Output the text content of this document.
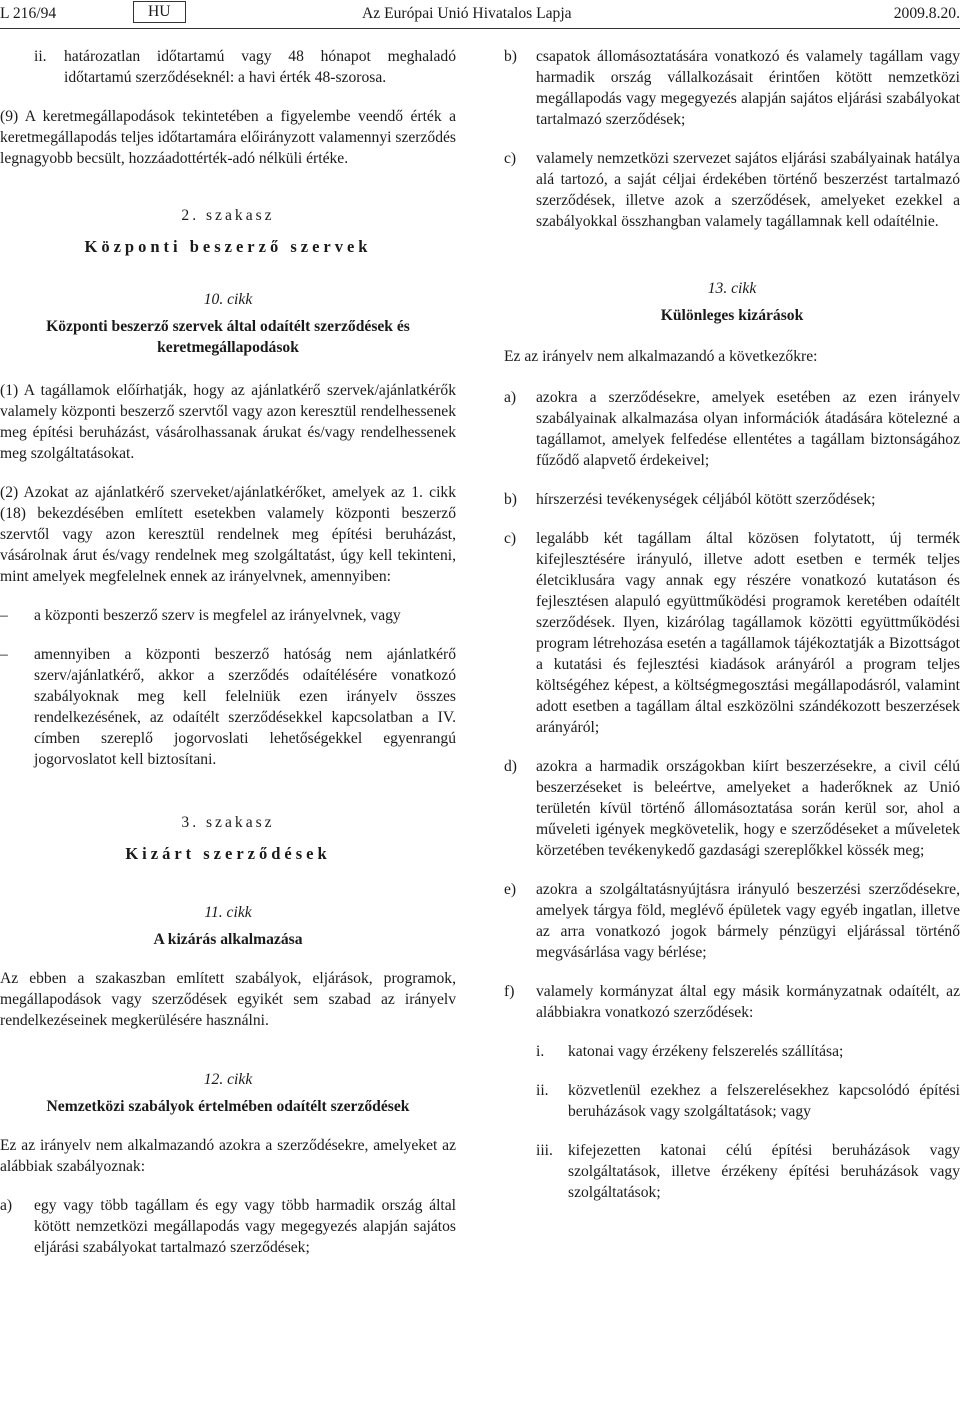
L 216/94	HU	Az Európai Unió Hivatalos Lapja	2009.8.20.
ii.	határozatlan időtartamú vagy 48 hónapot meghaladó időtartamú szerződéseknél: a havi érték 48-szorosa.

(9) A keretmegállapodások tekintetében a figyelembe veendő érték a keretmegállapodás teljes időtartamára előirányzott valamennyi szerződés legnagyobb becsült, hozzáadottérték-adó nélküli értéke.

2. szakasz
Központi beszerző szervek
10. cikk
Központi beszerző szervek által odaítélt szerződések és keretmegállapodások

(1) A tagállamok előírhatják, hogy az ajánlatkérő szervek/ajánlatkérők valamely központi beszerző szervtől vagy azon keresztül rendelhessenek meg építési beruházást, vásárolhassanak árukat és/vagy rendelhessenek meg szolgáltatásokat.

(2) Azokat az ajánlatkérő szerveket/ajánlatkérőket, amelyek az 1. cikk (18) bekezdésében említett esetekben valamely központi beszerző szervtől vagy azon keresztül rendelnek meg építési beruházást, vásárolnak árut és/vagy rendelnek meg szolgáltatást, úgy kell tekinteni, mint amelyek megfelelnek ennek az irányelvnek, amennyiben:

–	a központi beszerző szerv is megfelel az irányelvnek, vagy
–	amennyiben a központi beszerző hatóság nem ajánlatkérő szerv/ajánlatkérő, akkor a szerződés odaítélésére vonatkozó szabályoknak meg kell felelniük ezen irányelv összes rendelkezésének, az odaítélt szerződésekkel kapcsolatban a IV. címben szereplő jogorvoslati lehetőségekkel egyenrangú jogorvoslatot kell biztosítani.
3. szakasz
Kizárt szerződések
11. cikk
A kizárás alkalmazása

Az ebben a szakaszban említett szabályok, eljárások, programok, megállapodások vagy szerződések egyikét sem szabad az irányelv rendelkezéseinek megkerülésére használni.

12. cikk
Nemzetközi szabályok értelmében odaítélt szerződések

Ez az irányelv nem alkalmazandó azokra a szerződésekre, amelyeket az alábbiak szabályoznak:

a)	egy vagy több tagállam és egy vagy több harmadik ország által kötött nemzetközi megállapodás vagy megegyezés alapján sajátos eljárási szabályokat tartalmazó szerződések;
b)	csapatok állomásoztatására vonatkozó és valamely tagállam vagy harmadik ország vállalkozásait érintően kötött nemzetközi megállapodás vagy megegyezés alapján sajátos eljárási szabályokat tartalmazó szerződések;
c)	valamely nemzetközi szervezet sajátos eljárási szabályainak hatálya alá tartozó, a saját céljai érdekében történő beszerzést tartalmazó szerződések, illetve azok a szerződések, amelyeket ezekkel a szabályokkal összhangban valamely tagállamnak kell odaítélnie.
13. cikk
Különleges kizárások

Ez az irányelv nem alkalmazandó a következőkre:

a)	azokra a szerződésekre, amelyek esetében az ezen irányelv szabályainak alkalmazása olyan információk átadására kötelezné a tagállamot, amelyek felfedése ellentétes a tagállam biztonságához fűződő alapvető érdekeivel;
b)	hírszerzési tevékenységek céljából kötött szerződések;
c)	legalább két tagállam által közösen folytatott, új termék kifejlesztésére irányuló, illetve adott esetben e termék teljes életciklusára vagy annak egy részére vonatkozó kutatáson és fejlesztésen alapuló együttműködési programok keretében odaítélt szerződések. Ilyen, kizárólag tagállamok közötti együttműködési program létrehozása esetén a tagállamok tájékoztatják a Bizottságot a kutatási és fejlesztési kiadások arányáról a program teljes költségéhez képest, a költségmegosztási megállapodásról, valamint adott esetben a tagállam által eszközölni szándékozott beszerzések arányáról;
d)	azokra a harmadik országokban kiírt beszerzésekre, a civil célú beszerzéseket is beleértve, amelyeket a haderőknek az Unió területén kívül történő állomásoztatása során kerül sor, ahol a műveleti igények megkövetelik, hogy e szerződéseket a műveletek körzetében tevékenykedő gazdasági szereplőkkel kössék meg;
e)	azokra a szolgáltatásnyújtásra irányuló beszerzési szerződésekre, amelyek tárgya föld, meglévő épületek vagy egyéb ingatlan, illetve az arra vonatkozó jogok bármely pénzügyi eljárással történő megvásárlása vagy bérlése;
f)	valamely kormányzat által egy másik kormányzatnak odaítélt, az alábbiakra vonatkozó szerződések:
i.	katonai vagy érzékeny felszerelés szállítása;
ii.	közvetlenül ezekhez a felszerelésekhez kapcsolódó építési beruházások vagy szolgáltatások; vagy
iii. kifejezetten katonai célú építési beruházások vagy szolgáltatások, illetve érzékeny építési beruházások vagy szolgáltatások;
